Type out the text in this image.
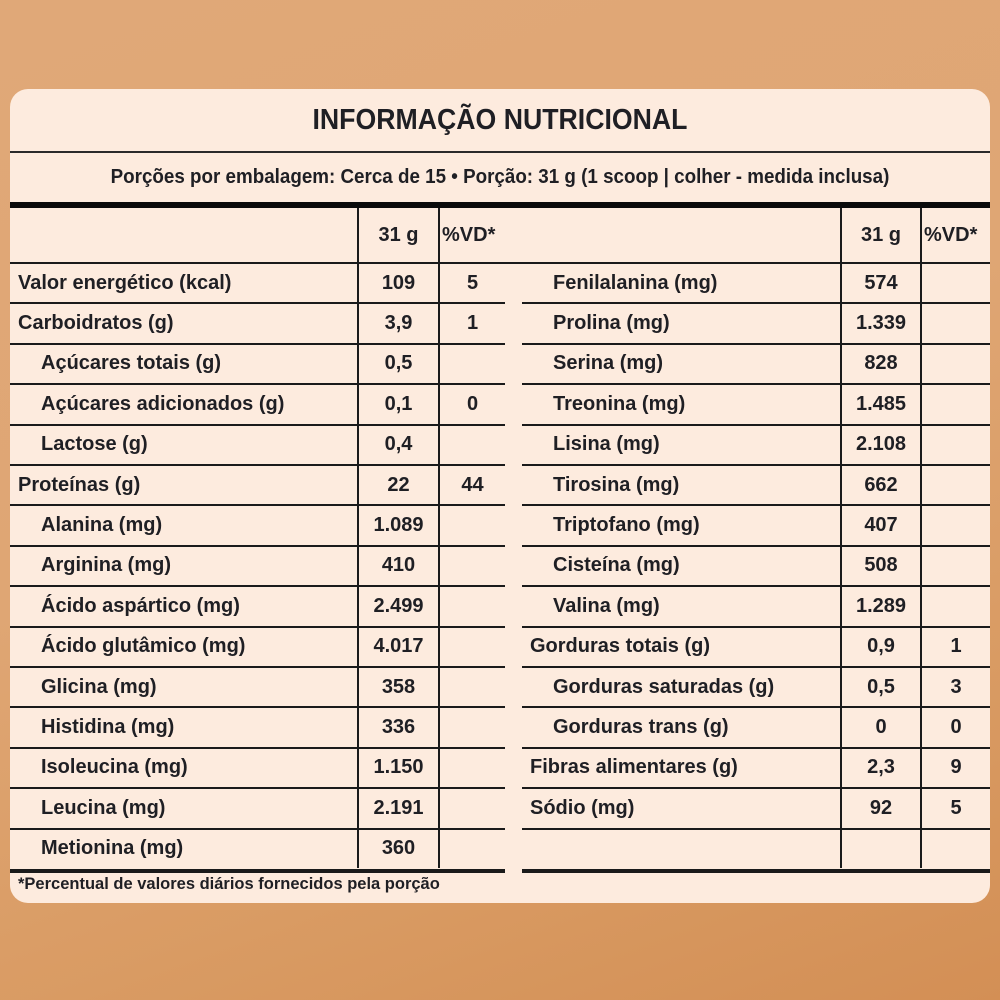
INFORMAÇÃO NUTRICIONAL
Porções por embalagem: Cerca de 15 • Porção: 31 g (1 scoop | colher - medida inclusa)
31 g	%VD*	31 g	%VD*
Valor energético (kcal)	109	5
Carboidratos (g)	3,9	1
Açúcares totais (g)	0,5
Açúcares adicionados (g)	0,1	0
Lactose (g)	0,4
Proteínas (g)	22	44
Alanina (mg)	1.089
Arginina (mg)	410
Ácido aspártico (mg)	2.499
Ácido glutâmico (mg)	4.017
Glicina (mg)	358
Histidina (mg)	336
Isoleucina (mg)	1.150
Leucina (mg)	2.191
Metionina (mg)	360
Fenilalanina (mg)	574
Prolina (mg)	1.339
Serina (mg)	828
Treonina (mg)	1.485
Lisina (mg)	2.108
Tirosina (mg)	662
Triptofano (mg)	407
Cisteína (mg)	508
Valina (mg)	1.289
Gorduras totais (g)	0,9	1
Gorduras saturadas (g)	0,5	3
Gorduras trans (g)	0	0
Fibras alimentares (g)	2,3	9
Sódio (mg)	92	5
*Percentual de valores diários fornecidos pela porção
